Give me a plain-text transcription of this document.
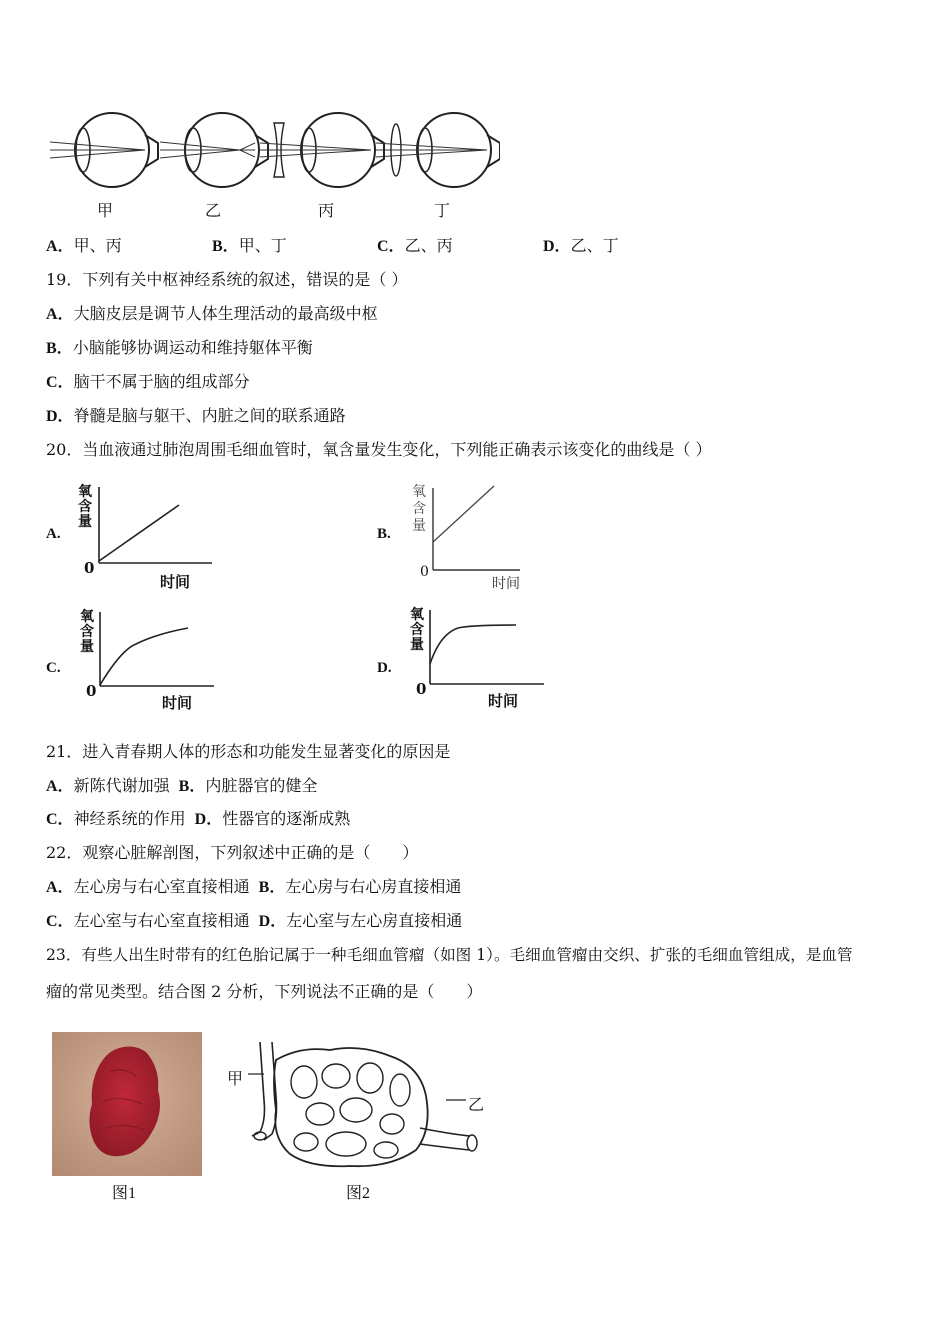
甲	乙	丙	丁
A．甲、丙	B．甲、丁	C．乙、丙	D．乙、丁
19．下列有关中枢神经系统的叙述，错误的是（ ）
A．大脑皮层是调节人体生理活动的最高级中枢
B．小脑能够协调运动和维持躯体平衡
C．脑干不属于脑的组成部分
D．脊髓是脑与躯干、内脏之间的联系通路
20．当血液通过肺泡周围毛细血管时，氧含量发生变化，下列能正确表示该变化的曲线是（ ）
A.
氧含量
0
时间
B.
氧含量
0
时间
C.
氧含量
0
时间
D.
氧含量
0
时间
21．进入青春期人体的形态和功能发生显著变化的原因是
A．新陈代谢加强 B．内脏器官的健全
C．神经系统的作用 D．性器官的逐渐成熟
22．观察心脏解剖图，下列叙述中正确的是（　　）
A．左心房与右心室直接相通 B．左心房与右心房直接相通
C．左心室与右心室直接相通 D．左心室与左心房直接相通
23．有些人出生时带有的红色胎记属于一种毛细血管瘤（如图 1）。毛细血管瘤由交织、扩张的毛细血管组成，是血管
瘤的常见类型。结合图 2 分析，下列说法不正确的是（　　）
图1
甲
乙
图2
